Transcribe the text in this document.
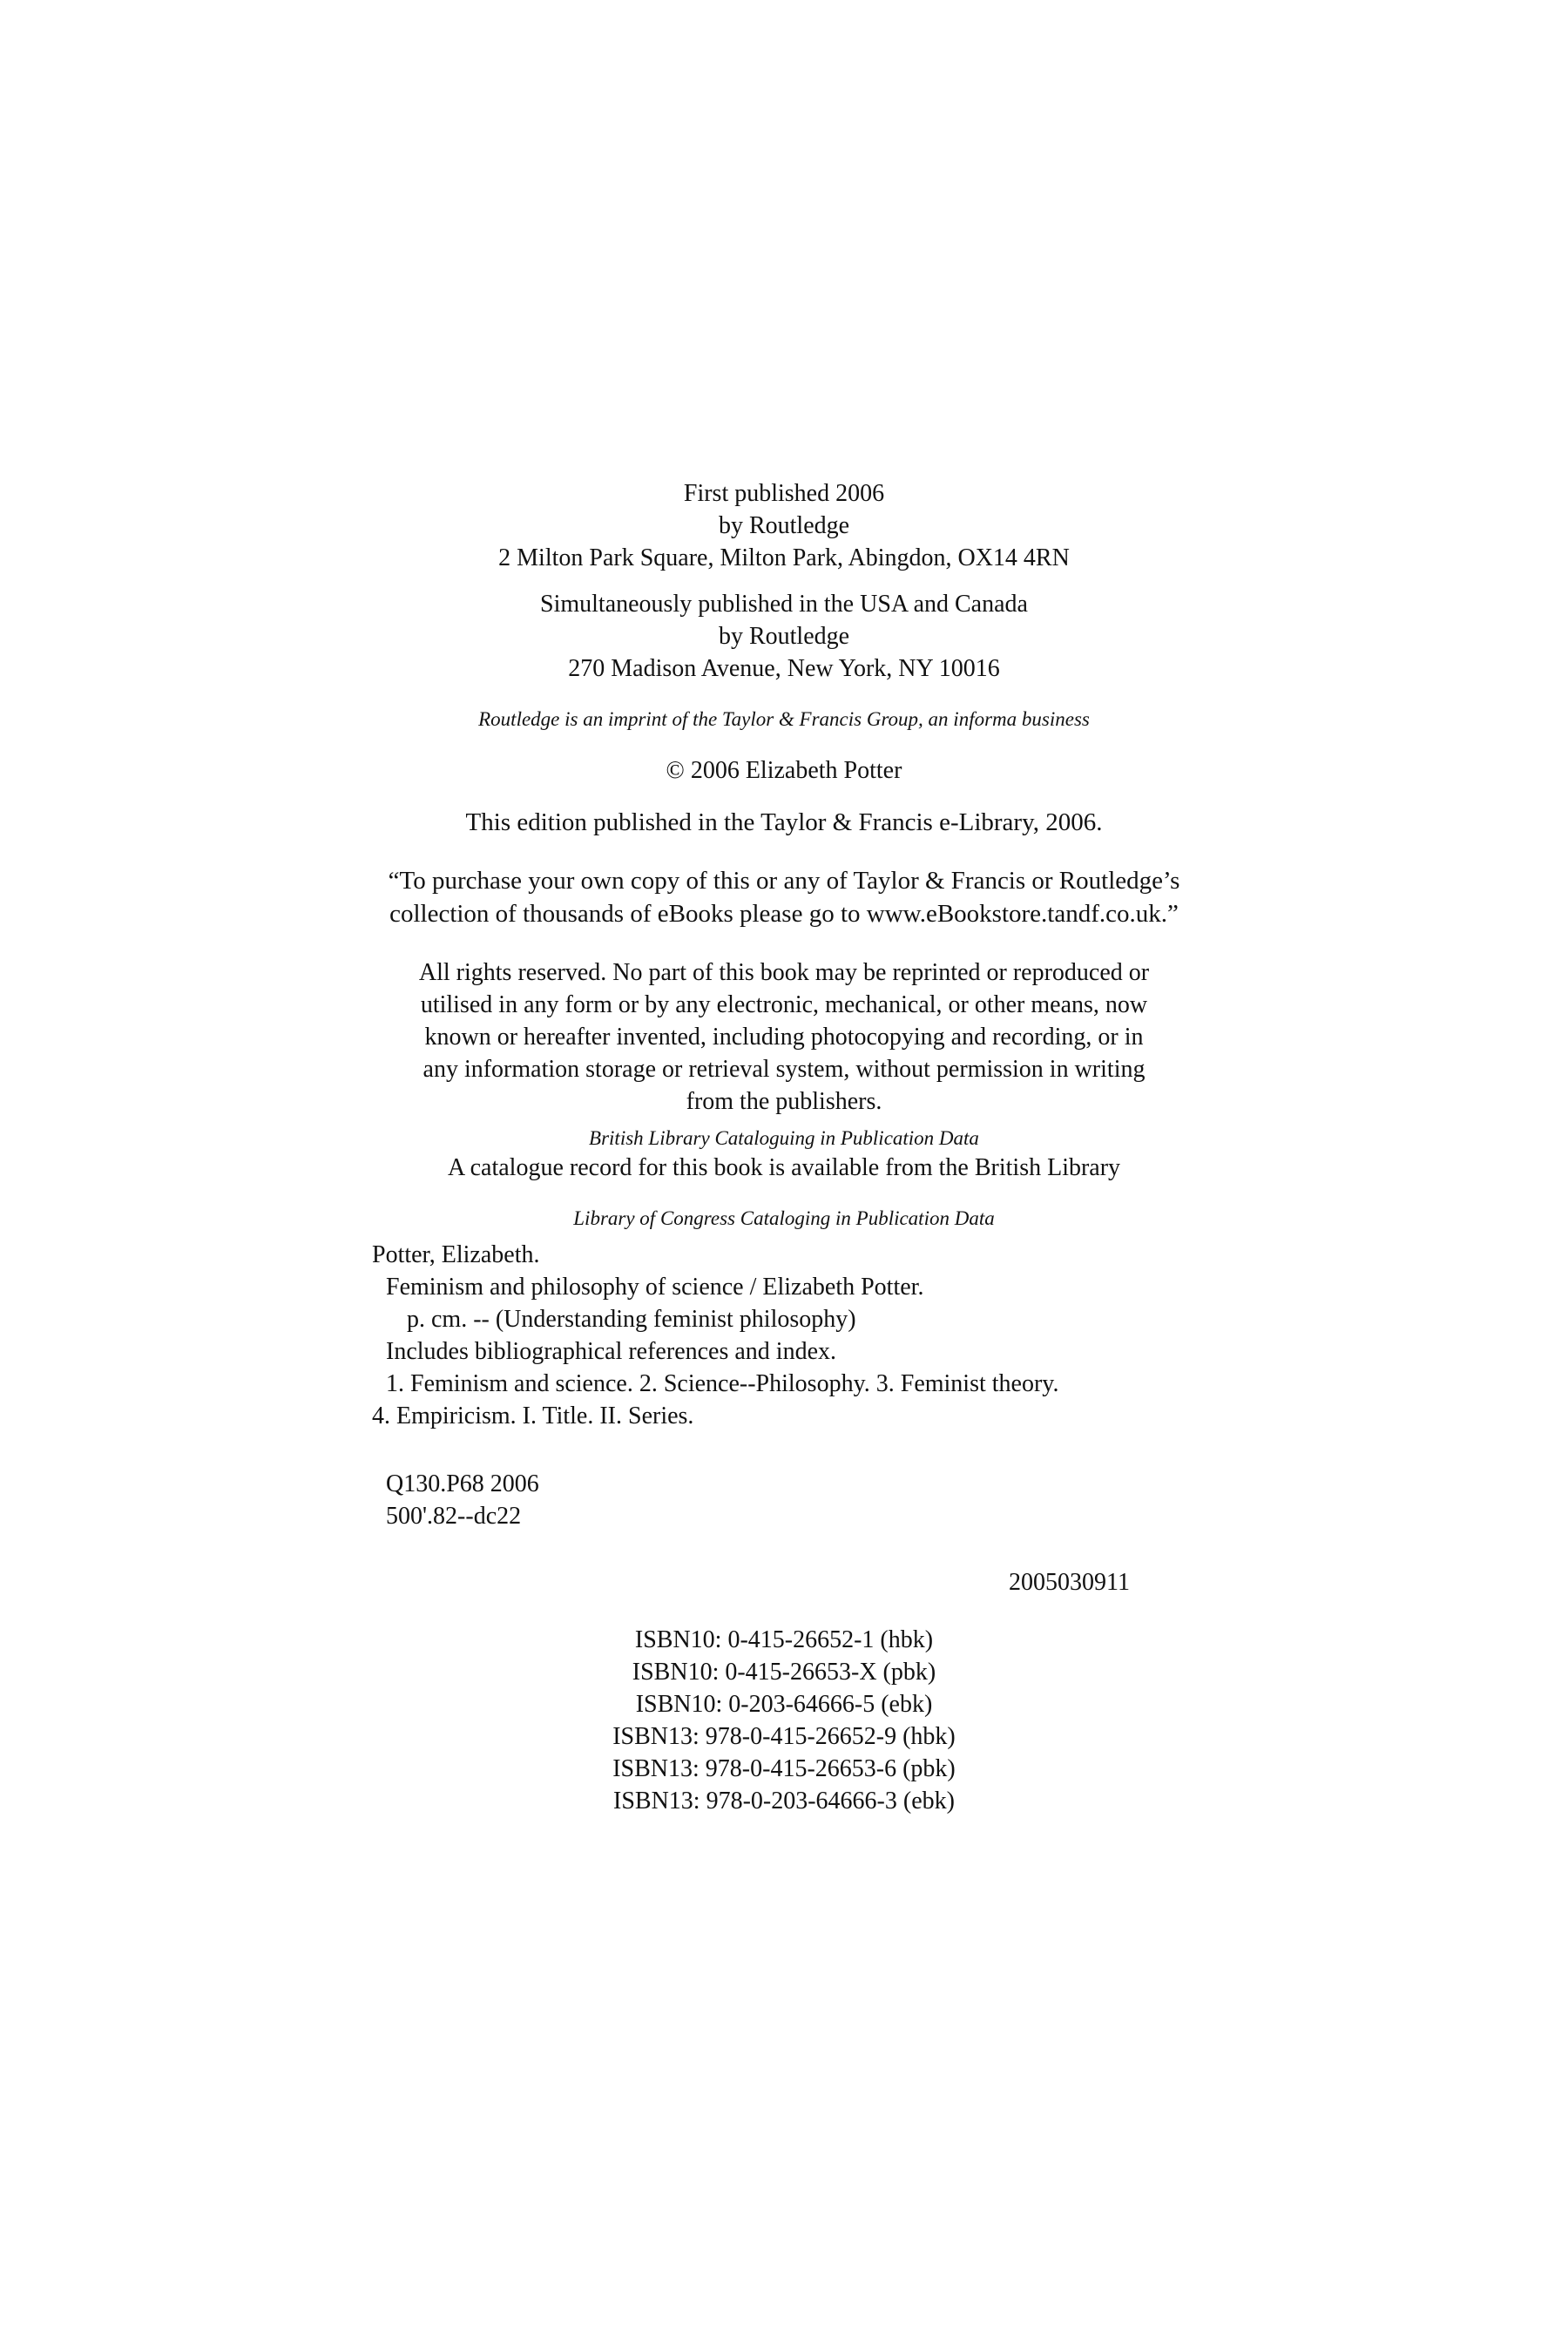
First published 2006
by Routledge
2 Milton Park Square, Milton Park, Abingdon, OX14 4RN
Simultaneously published in the USA and Canada
by Routledge
270 Madison Avenue, New York, NY 10016
Routledge is an imprint of the Taylor & Francis Group, an informa business
© 2006 Elizabeth Potter
This edition published in the Taylor & Francis e-Library, 2006.
“To purchase your own copy of this or any of Taylor & Francis or Routledge’s
collection of thousands of eBooks please go to www.eBookstore.tandf.co.uk.”
All rights reserved. No part of this book may be reprinted or reproduced or
utilised in any form or by any electronic, mechanical, or other means, now
known or hereafter invented, including photocopying and recording, or in
any information storage or retrieval system, without permission in writing
from the publishers.
British Library Cataloguing in Publication Data
A catalogue record for this book is available from the British Library
Library of Congress Cataloging in Publication Data
Potter, Elizabeth.
Feminism and philosophy of science / Elizabeth Potter.
p. cm. -- (Understanding feminist philosophy)
Includes bibliographical references and index.
1. Feminism and science. 2. Science--Philosophy. 3. Feminist theory.
4. Empiricism. I. Title. II. Series.
Q130.P68 2006
500'.82--dc22
2005030911
ISBN10: 0-415-26652-1 (hbk)
ISBN10: 0-415-26653-X (pbk)
ISBN10: 0-203-64666-5 (ebk)
ISBN13: 978-0-415-26652-9 (hbk)
ISBN13: 978-0-415-26653-6 (pbk)
ISBN13: 978-0-203-64666-3 (ebk)
